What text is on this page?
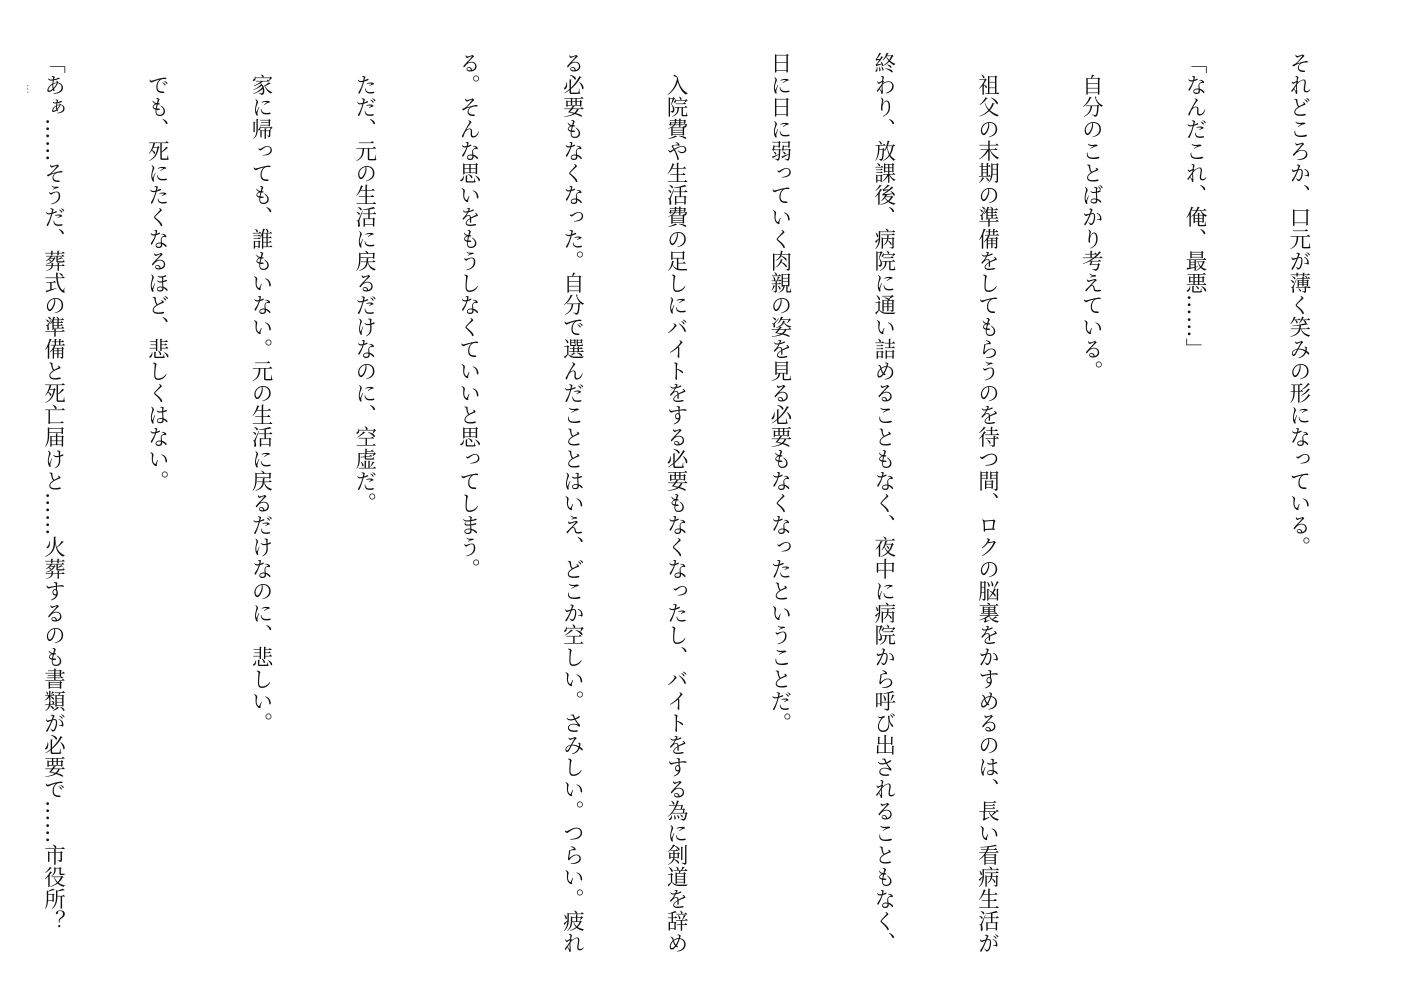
それどころか、口元が薄く笑みの形になっている。

「なんだこれ、俺、最悪……」

自分のことばかり考えている。

祖父の末期の準備をしてもらうのを待つ間、ロクの脳裏をかすめるのは、長い看病生活が

終わり、放課後、病院に通い詰めることもなく、夜中に病院から呼び出されることもなく、

日に日に弱っていく肉親の姿を見る必要もなくなったということだ。

入院費や生活費の足しにバイトをする必要もなくなったし、バイトをする為に剣道を辞め

る必要もなくなった。自分で選んだこととはいえ、どこか空しい。さみしい。つらい。疲れ

る。そんな思いをもうしなくていいと思ってしまう。

ただ、元の生活に戻るだけなのに、空虚だ。

家に帰っても、誰もいない。元の生活に戻るだけなのに、悲しい。

でも、死にたくなるほど、悲しくはない。

「あぁ……そうだ、葬式の準備と死亡届けと……火葬するのも書類が必要で……市役所？

…
